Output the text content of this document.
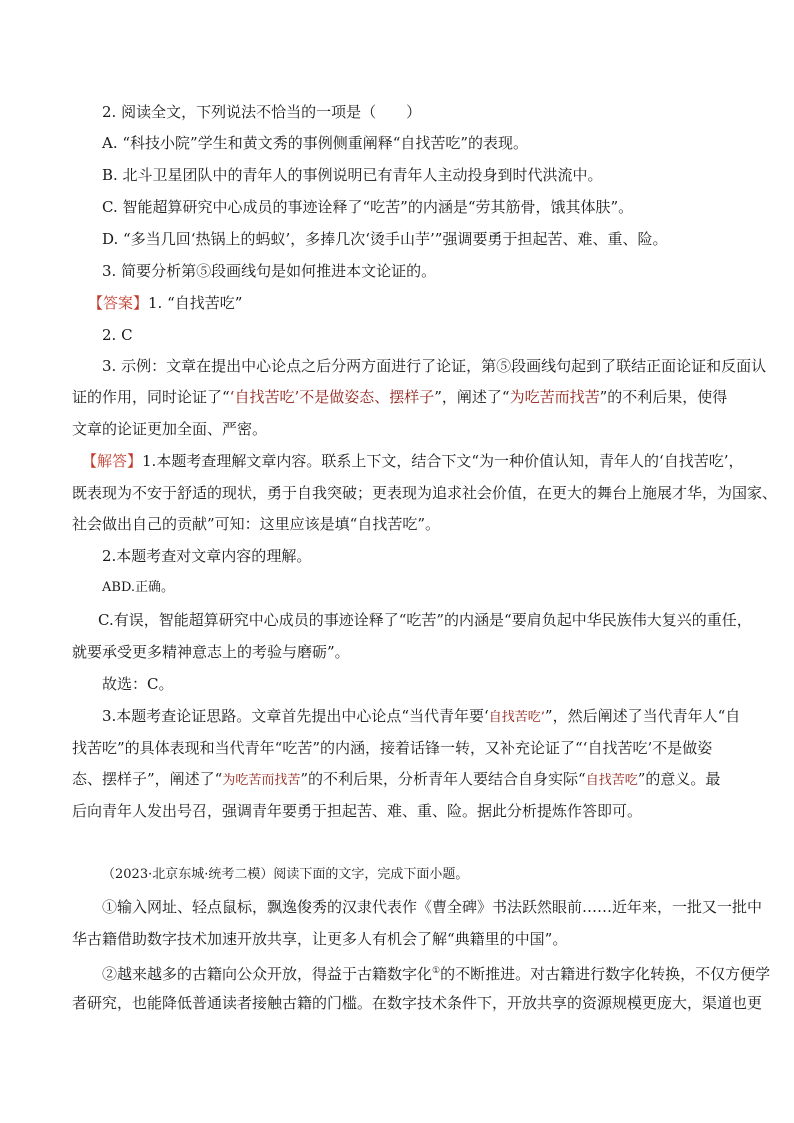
2. 阅读全文，下列说法不恰当的一项是（　　）
A. “科技小院”学生和黄文秀的事例侧重阐释“自找苦吃”的表现。
B. 北斗卫星团队中的青年人的事例说明已有青年人主动投身到时代洪流中。
C. 智能超算研究中心成员的事迹诠释了“吃苦”的内涵是“劳其筋骨，饿其体肤”。
D. “多当几回‘热锅上的蚂蚁’，多捧几次‘烫手山芋’”强调要勇于担起苦、难、重、险。
3. 简要分析第⑤段画线句是如何推进本文论证的。
【答案】1. “自找苦吃”
2. C
3. 示例：文章在提出中心论点之后分两方面进行了论证，第⑤段画线句起到了联结正面论证和反面认
证的作用，同时论证了“‘自找苦吃’不是做姿态、摆样子”，阐述了“为吃苦而找苦”的不利后果，使得
文章的论证更加全面、严密。
【解答】1.本题考查理解文章内容。联系上下文，结合下文“为一种价值认知，青年人的‘自找苦吃’，
既表现为不安于舒适的现状，勇于自我突破；更表现为追求社会价值，在更大的舞台上施展才华，为国家、
社会做出自己的贡献”可知：这里应该是填“自找苦吃”。
2.本题考查对文章内容的理解。
ABD.正确。
C.有误，智能超算研究中心成员的事迹诠释了“吃苦”的内涵是“要肩负起中华民族伟大复兴的重任，
就要承受更多精神意志上的考验与磨砺”。
故选：C。
3.本题考查论证思路。文章首先提出中心论点“当代青年要‘自找苦吃’”，然后阐述了当代青年人“自
找苦吃”的具体表现和当代青年“吃苦”的内涵，接着话锋一转，又补充论证了“‘自找苦吃’不是做姿
态、摆样子”，阐述了“为吃苦而找苦”的不利后果，分析青年人要结合自身实际“自找苦吃”的意义。最
后向青年人发出号召，强调青年要勇于担起苦、难、重、险。据此分析提炼作答即可。
（2023·北京东城·统考二模）阅读下面的文字，完成下面小题。
①输入网址、轻点鼠标，飘逸俊秀的汉隶代表作《曹全碑》书法跃然眼前……近年来，一批又一批中
华古籍借助数字技术加速开放共享，让更多人有机会了解“典籍里的中国”。
②越来越多的古籍向公众开放，得益于古籍数字化①的不断推进。对古籍进行数字化转换，不仅方便学
者研究，也能降低普通读者接触古籍的门槛。在数字技术条件下，开放共享的资源规模更庞大，渠道也更
